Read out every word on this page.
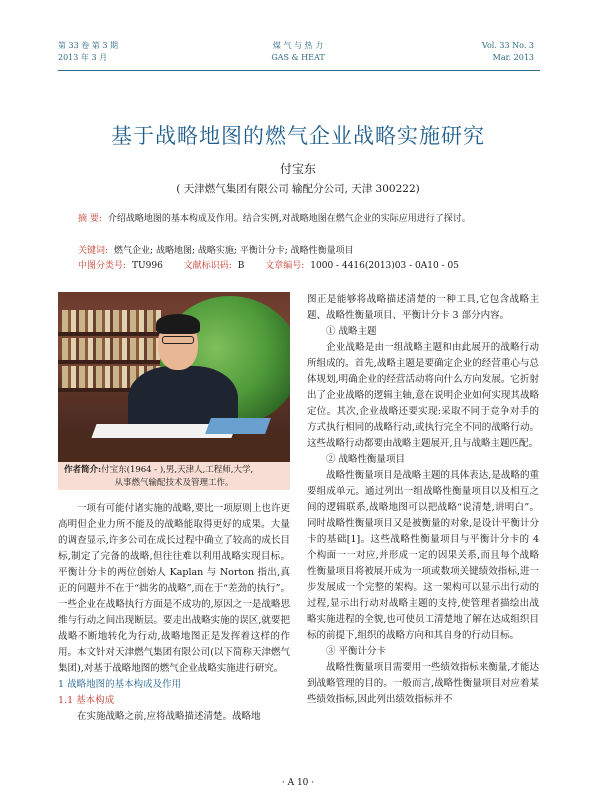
第 33 卷 第 3 期
2013 年 3 月
煤 气 与 热 力
GAS & HEAT
Vol. 33 No. 3
Mar. 2013
基于战略地图的燃气企业战略实施研究
付宝东
( 天津燃气集团有限公司 输配分公司, 天津 300222)
摘 要: 介绍战略地图的基本构成及作用。结合实例,对战略地图在燃气企业的实际应用进行了探讨。
关键词: 燃气企业; 战略地图; 战略实施; 平衡计分卡; 战略性衡量项目
中图分类号: TU996 文献标识码: B 文章编号: 1000 - 4416(2013)03 - 0A10 - 05
作者简介:付宝东(1964 - ),男,天津人,工程师,大学,
从事燃气输配技术及管理工作。

一项有可能付诸实施的战略,要比一项原则上也许更高明但企业力所不能及的战略能取得更好的成果。大量的调查显示,许多公司在成长过程中确立了较高的成长目标,制定了完备的战略,但往往难以利用战略实现目标。平衡计分卡的两位创始人 Kaplan 与 Norton 指出,真正的问题并不在于“拙劣的战略”,而在于“差劲的执行”。一些企业在战略执行方面是不成功的,原因之一是战略思维与行动之间出现断层。要走出战略实施的误区,就要把战略不断地转化为行动,战略地图正是发挥着这样的作用。本文针对天津燃气集团有限公司(以下简称天津燃气集团),对基于战略地图的燃气企业战略实施进行研究。

1 战略地图的基本构成及作用

1.1 基本构成

在实施战略之前,应将战略描述清楚。战略地

图正是能够将战略描述清楚的一种工具,它包含战略主题、战略性衡量项目、平衡计分卡 3 部分内容。

① 战略主题

企业战略是由一组战略主题和由此展开的战略行动所组成的。首先,战略主题是要确定企业的经营重心与总体规划,明确企业的经营活动将向什么方向发展。它折射出了企业战略的逻辑主轴,意在说明企业如何实现其战略定位。其次,企业战略还要实现:采取不同于竞争对手的方式执行相同的战略行动,或执行完全不同的战略行动。这些战略行动都要由战略主题展开,且与战略主题匹配。

② 战略性衡量项目

战略性衡量项目是战略主题的具体表达,是战略的重要组成单元。通过列出一组战略性衡量项目以及相互之间的逻辑联系,战略地图可以把战略“说清楚,讲明白”。同时战略性衡量项目又是被衡量的对象,是设计平衡计分卡的基础[1]。这些战略性衡量项目与平衡计分卡的 4 个构面一一对应,并形成一定的因果关系,而且每个战略性衡量项目将被展开成为一项或数项关键绩效指标,进一步发展成一个完整的架构。这一架构可以显示出行动的过程,显示出行动对战略主题的支持,使管理者描绘出战略实施进程的全貌,也可使员工清楚地了解在达成组织目标的前提下,组织的战略方向和其自身的行动目标。

③ 平衡计分卡

战略性衡量项目需要用一些绩效指标来衡量,才能达到战略管理的目的。一般而言,战略性衡量项目对应着某些绩效指标,因此列出绩效指标并不

· A 10 ·
